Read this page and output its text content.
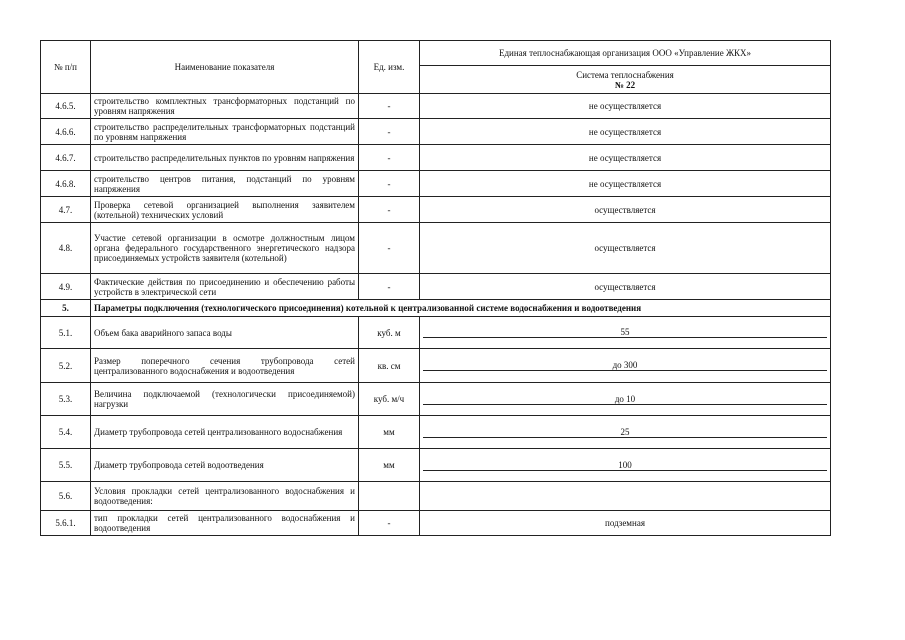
№ п/п	Наименование показателя	Ед. изм.	Единая теплоснабжающая организация ООО «Управление ЖКХ»

			Система теплоснабжения
№ 22

4.6.5.	строительство комплектных трансформаторных подстанций по уровням напряжения	-	не осуществляется
4.6.6.	строительство распределительных трансформаторных подстанций по уровням напряжения	-	не осуществляется
4.6.7.	строительство распределительных пунктов по уровням напряжения	-	не осуществляется
4.6.8.	строительство центров питания, подстанций по уровням напряжения	-	не осуществляется
4.7.	Проверка сетевой организацией выполнения заявителем (котельной) технических условий	-	осуществляется
4.8.	Участие сетевой организации в осмотре должностным лицом органа федерального государственного энергетического надзора присоединяемых устройств заявителя (котельной)	-	осуществляется
4.9.	Фактические действия по присоединению и обеспечению работы устройств в электрической сети	-	осуществляется
5.	Параметры подключения (технологического присоединения) котельной к централизованной системе водоснабжения и водоотведения		
5.1.	Объем бака аварийного запаса воды	куб. м	55

5.2.	Размер поперечного сечения трубопровода сетей централизованного водоснабжения и водоотведения	кв. см	до 300

5.3.	Величина подключаемой (технологически присоединяемой) нагрузки	куб. м/ч	до 10

5.4.	Диаметр трубопровода сетей централизованного водоснабжения	мм	25

5.5.	Диаметр трубопровода сетей водоотведения	мм	100

5.6.	Условия прокладки сетей централизованного водоснабжения и водоотведения:		
5.6.1.	тип прокладки сетей централизованного водоснабжения и водоотведения	-	подземная
